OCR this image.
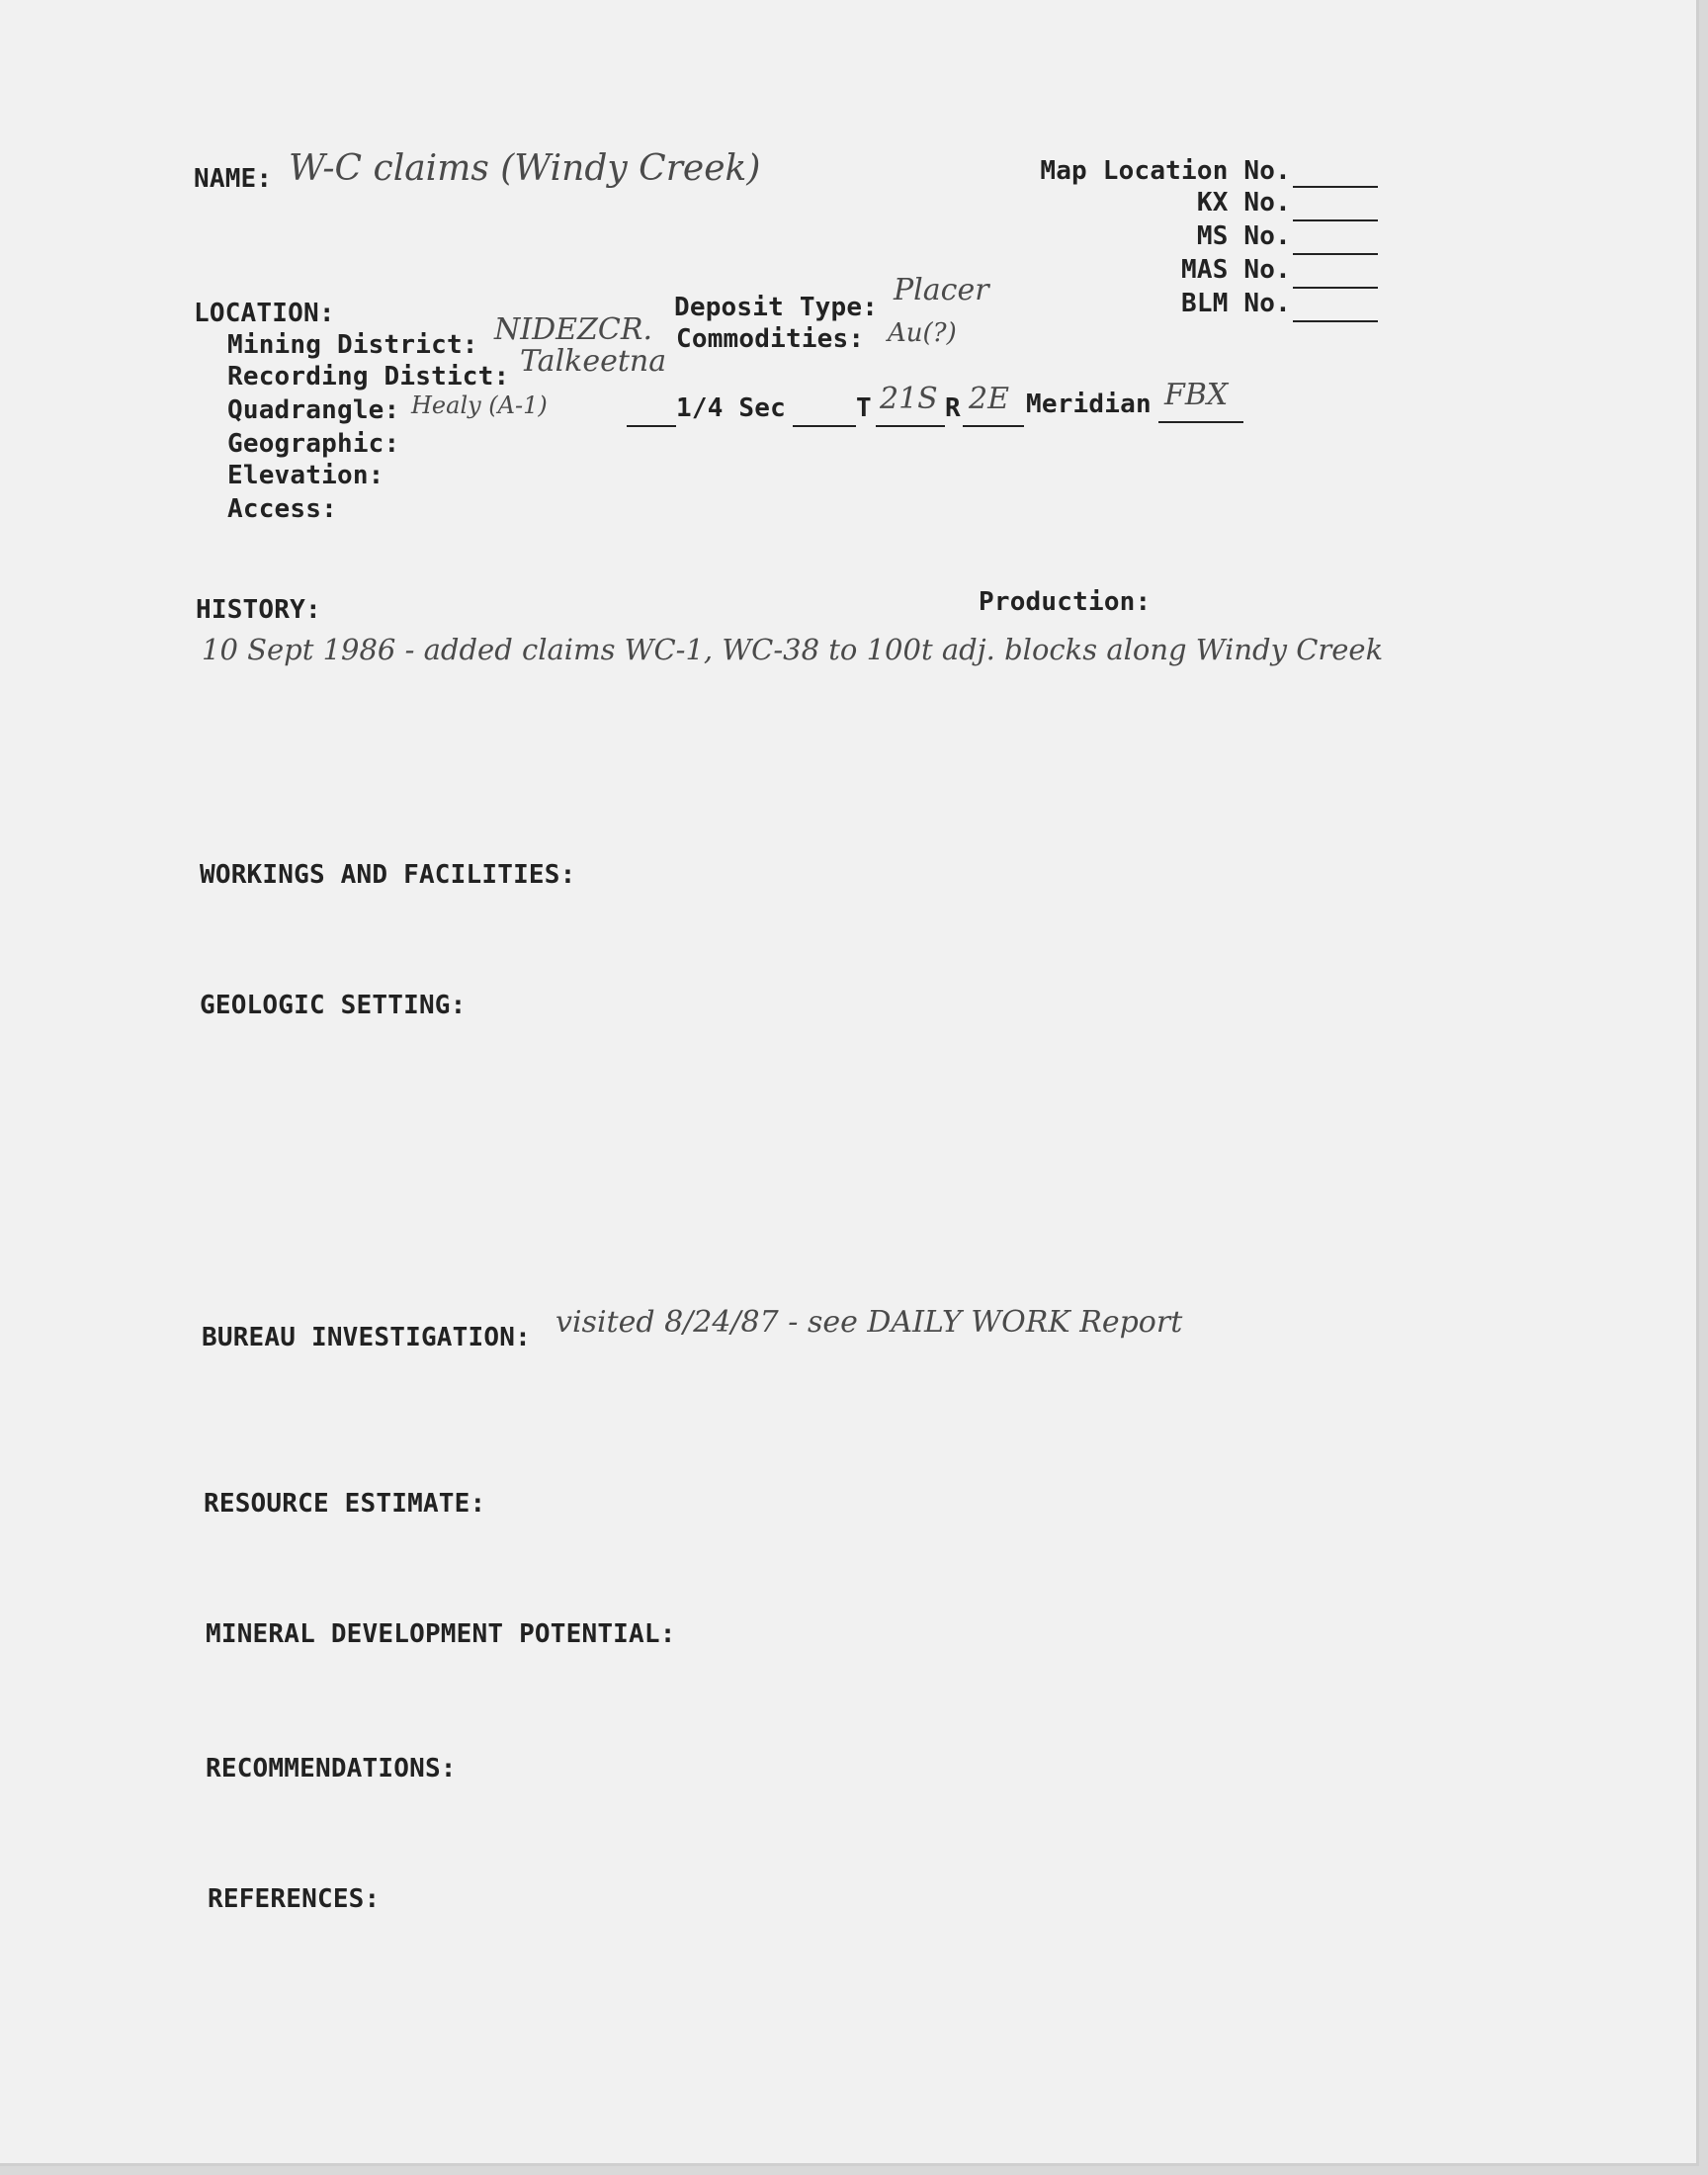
NAME: W-C claims (Windy Creek)	Map Location No.
KX No.
MS No.
MAS No.
BLM No.
LOCATION:
Mining District: NIDEZCR.
Recording Distict: Talkeetna
Quadrangle: Healy (A-1)
Geographic:
Elevation:
Access:
Deposit Type: Placer
Commodities: Au(?)
1/4 Sec	T 21S R 2E Meridian FBX
HISTORY:	Production:
10 Sept 1986 - added claims WC-1, WC-38 to 100t adj. blocks along Windy Creek
WORKINGS AND FACILITIES:
GEOLOGIC SETTING:
BUREAU INVESTIGATION: visited 8/24/87 - see DAILY WORK Report
RESOURCE ESTIMATE:
MINERAL DEVELOPMENT POTENTIAL:
RECOMMENDATIONS:
REFERENCES:
